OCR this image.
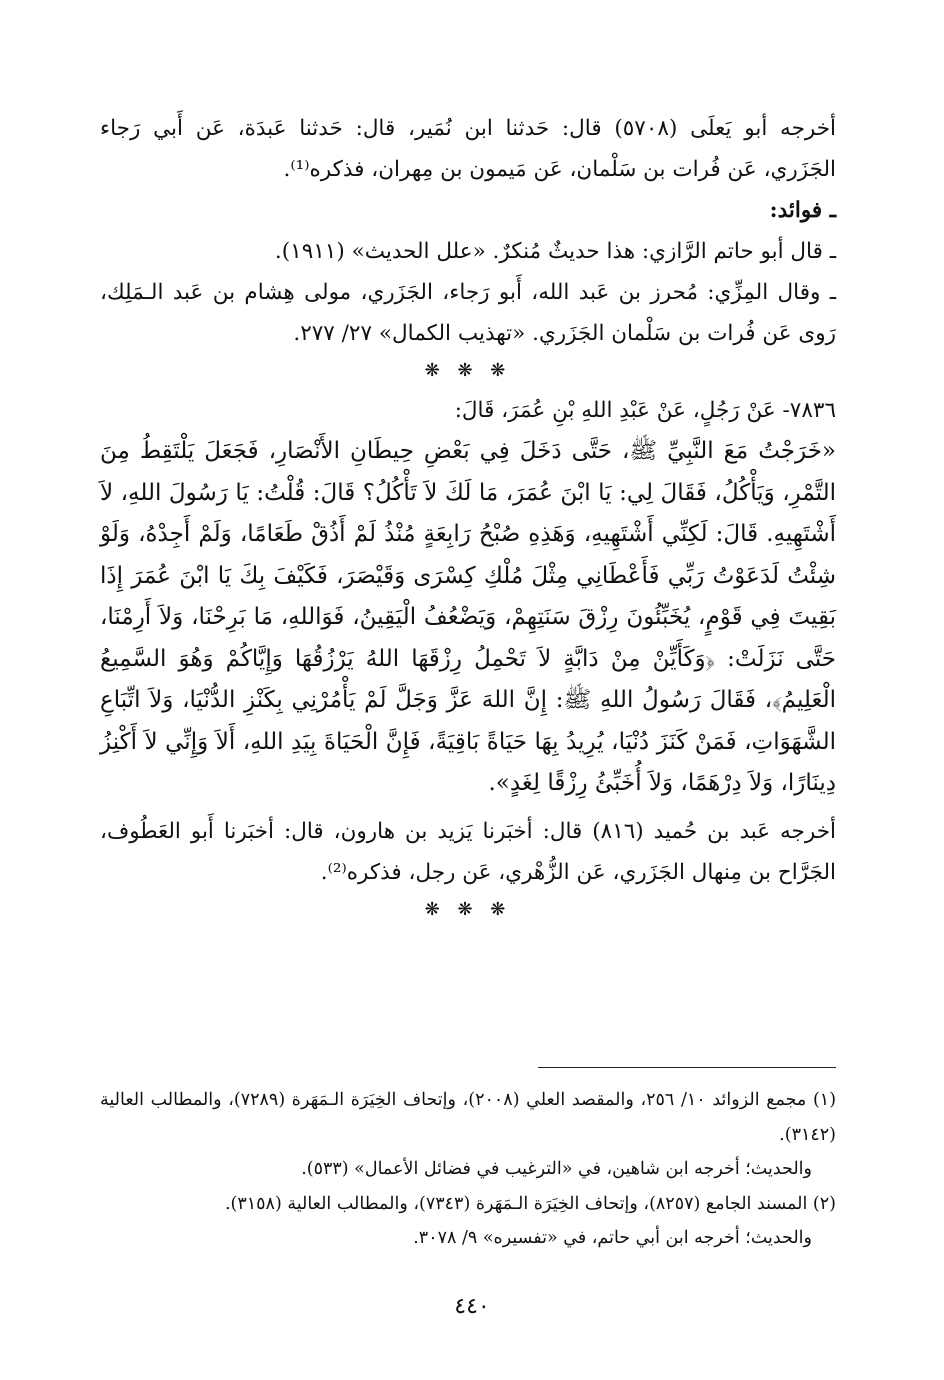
أخرجه أبو يَعلَى (٥٧٠٨) قال: حَدثنا ابن نُمَير، قال: حَدثنا عَبدَة، عَن أَبي رَجاء الجَزَري، عَن فُرات بن سَلْمان، عَن مَيمون بن مِهران، فذكره⁽¹⁾.

ـ فوائد:

ـ قال أبو حاتم الرَّازي: هذا حديثٌ مُنكرٌ. «علل الحديث» (١٩١١).

ـ وقال المِزِّي: مُحرز بن عَبد الله، أَبو رَجاء، الجَزَري، مولى هِشام بن عَبد الـمَلِك، رَوى عَن فُرات بن سَلْمان الجَزَري. «تهذيب الكمال» ٢٧/ ٢٧٧.

❋ ❋ ❋

٧٨٣٦- عَنْ رَجُلٍ، عَنْ عَبْدِ اللهِ بْنِ عُمَرَ، قَالَ:

«خَرَجْتُ مَعَ النَّبِيِّ ﷺ، حَتَّى دَخَلَ فِي بَعْضِ حِيطَانِ الأَنْصَارِ، فَجَعَلَ يَلْتَقِطُ مِنَ التَّمْرِ، وَيَأْكُلُ، فَقَالَ لِي: يَا ابْنَ عُمَرَ، مَا لَكَ لاَ تَأْكُلُ؟ قَالَ: قُلْتُ: يَا رَسُولَ اللهِ، لاَ أَشْتَهِيهِ. قَالَ: لَكِنِّي أَشْتَهِيهِ، وَهَذِهِ صُبْحُ رَابِعَةٍ مُنْذُ لَمْ أَذُقْ طَعَامًا، وَلَمْ أَجِدْهُ، وَلَوْ شِئْتُ لَدَعَوْتُ رَبِّي فَأَعْطَانِي مِثْلَ مُلْكِ كِسْرَى وَقَيْصَرَ، فَكَيْفَ بِكَ يَا ابْنَ عُمَرَ إِذَا بَقِيتَ فِي قَوْمٍ، يُخَبِّئُونَ رِزْقَ سَنَتِهِمْ، وَيَضْعُفُ الْيَقِينُ، فَوَاللهِ، مَا بَرِحْنَا، وَلاَ أَرِمْنَا، حَتَّى نَزَلَتْ: ﴿وَكَأَيِّنْ مِنْ دَابَّةٍ لاَ تَحْمِلُ رِزْقَهَا اللهُ يَرْزُقُهَا وَإِيَّاكُمْ وَهُوَ السَّمِيعُ الْعَلِيمُ﴾، فَقَالَ رَسُولُ اللهِ ﷺ: إِنَّ اللهَ عَزَّ وَجَلَّ لَمْ يَأْمُرْنِي بِكَنْزِ الدُّنْيَا، وَلاَ اتِّبَاعِ الشَّهَوَاتِ، فَمَنْ كَنَزَ دُنْيَا، يُرِيدُ بِهَا حَيَاةً بَاقِيَةً، فَإِنَّ الْحَيَاةَ بِيَدِ اللهِ، أَلاَ وَإِنِّي لاَ أَكْنِزُ دِينَارًا، وَلاَ دِرْهَمًا، وَلاَ أُخَبِّئُ رِزْقًا لِغَدٍ».

أخرجه عَبد بن حُميد (٨١٦) قال: أخبَرنا يَزيد بن هارون، قال: أخبَرنا أَبو العَطُوف، الجَرَّاح بن مِنهال الجَزَري، عَن الزُّهْري، عَن رجل، فذكره⁽²⁾.

❋ ❋ ❋

(١) مجمع الزوائد ١٠/ ٢٥٦، والمقصد العلي (٢٠٠٨)، وإتحاف الخِيَرَة الـمَهَرة (٧٢٨٩)، والمطالب العالية (٣١٤٢).

والحديث؛ أخرجه ابن شاهين، في «الترغيب في فضائل الأعمال» (٥٣٣).

(٢) المسند الجامع (٨٢٥٧)، وإتحاف الخِيَرَة الـمَهَرة (٧٣٤٣)، والمطالب العالية (٣١٥٨).

والحديث؛ أخرجه ابن أبي حاتم، في «تفسيره» ٩/ ٣٠٧٨.

٤٤٠
